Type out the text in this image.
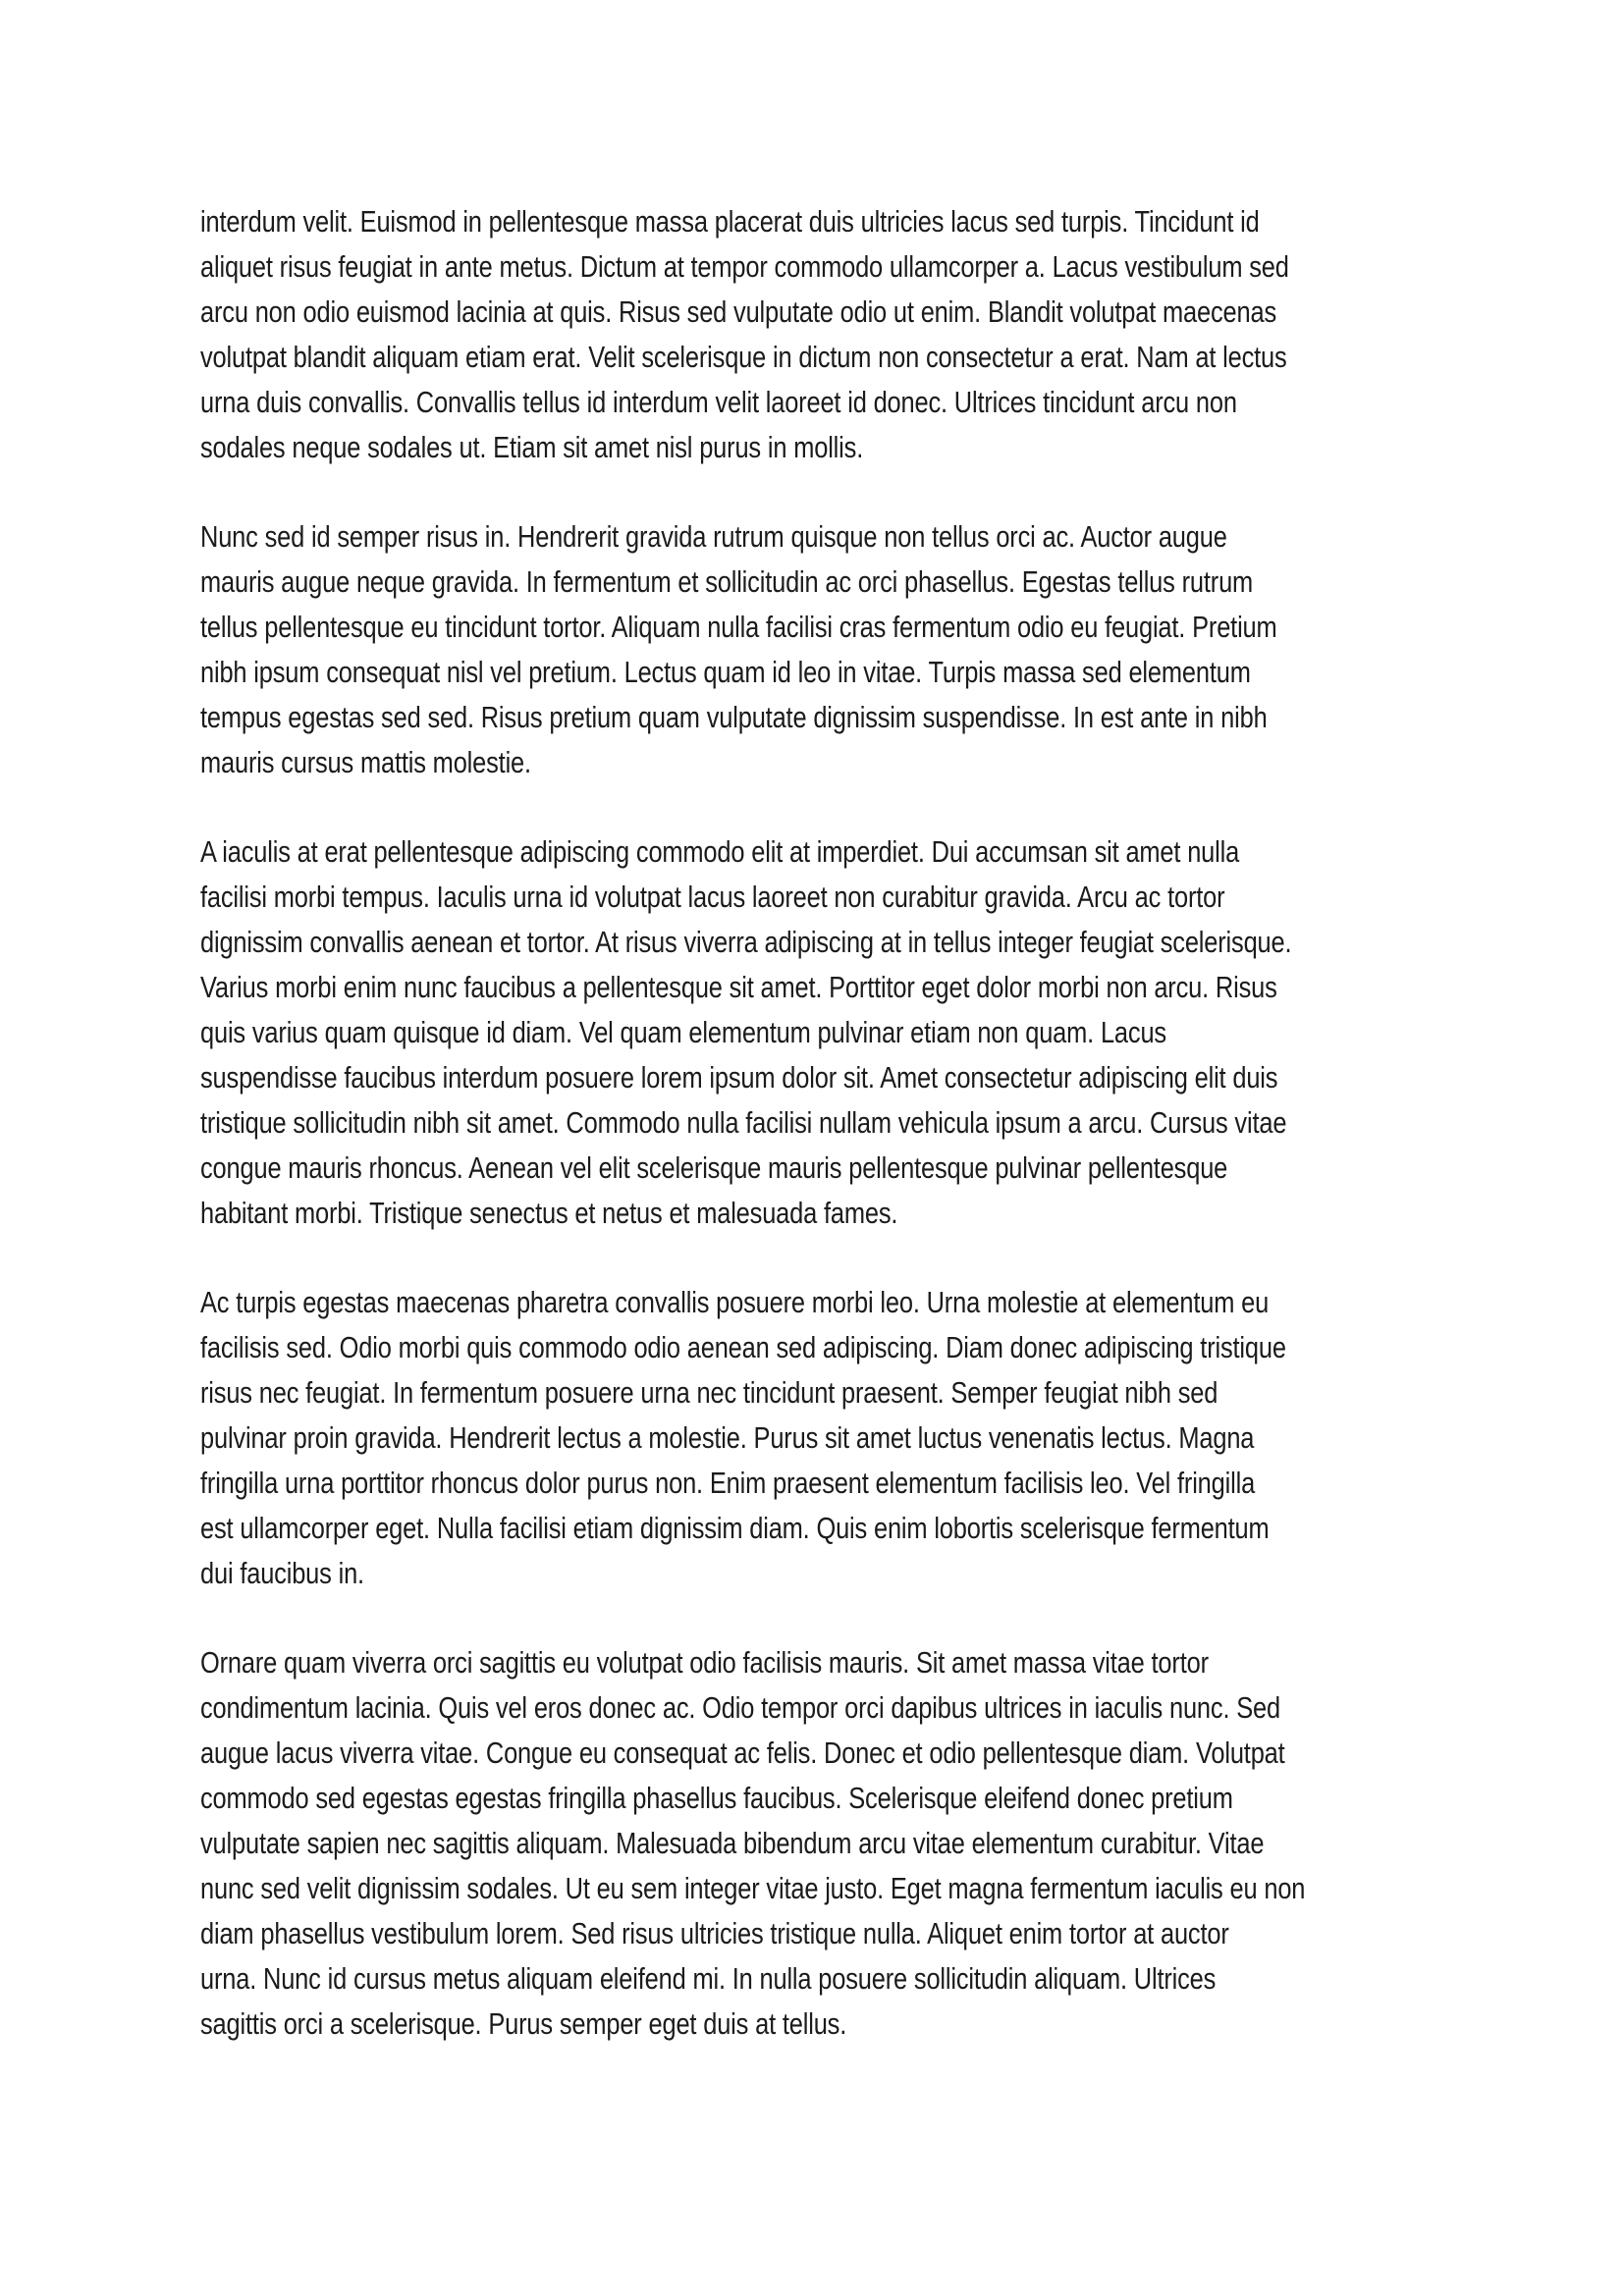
interdum velit. Euismod in pellentesque massa placerat duis ultricies lacus sed turpis. Tincidunt id
aliquet risus feugiat in ante metus. Dictum at tempor commodo ullamcorper a. Lacus vestibulum sed
arcu non odio euismod lacinia at quis. Risus sed vulputate odio ut enim. Blandit volutpat maecenas
volutpat blandit aliquam etiam erat. Velit scelerisque in dictum non consectetur a erat. Nam at lectus
urna duis convallis. Convallis tellus id interdum velit laoreet id donec. Ultrices tincidunt arcu non
sodales neque sodales ut. Etiam sit amet nisl purus in mollis.
Nunc sed id semper risus in. Hendrerit gravida rutrum quisque non tellus orci ac. Auctor augue
mauris augue neque gravida. In fermentum et sollicitudin ac orci phasellus. Egestas tellus rutrum
tellus pellentesque eu tincidunt tortor. Aliquam nulla facilisi cras fermentum odio eu feugiat. Pretium
nibh ipsum consequat nisl vel pretium. Lectus quam id leo in vitae. Turpis massa sed elementum
tempus egestas sed sed. Risus pretium quam vulputate dignissim suspendisse. In est ante in nibh
mauris cursus mattis molestie.
A iaculis at erat pellentesque adipiscing commodo elit at imperdiet. Dui accumsan sit amet nulla
facilisi morbi tempus. Iaculis urna id volutpat lacus laoreet non curabitur gravida. Arcu ac tortor
dignissim convallis aenean et tortor. At risus viverra adipiscing at in tellus integer feugiat scelerisque.
Varius morbi enim nunc faucibus a pellentesque sit amet. Porttitor eget dolor morbi non arcu. Risus
quis varius quam quisque id diam. Vel quam elementum pulvinar etiam non quam. Lacus
suspendisse faucibus interdum posuere lorem ipsum dolor sit. Amet consectetur adipiscing elit duis
tristique sollicitudin nibh sit amet. Commodo nulla facilisi nullam vehicula ipsum a arcu. Cursus vitae
congue mauris rhoncus. Aenean vel elit scelerisque mauris pellentesque pulvinar pellentesque
habitant morbi. Tristique senectus et netus et malesuada fames.
Ac turpis egestas maecenas pharetra convallis posuere morbi leo. Urna molestie at elementum eu
facilisis sed. Odio morbi quis commodo odio aenean sed adipiscing. Diam donec adipiscing tristique
risus nec feugiat. In fermentum posuere urna nec tincidunt praesent. Semper feugiat nibh sed
pulvinar proin gravida. Hendrerit lectus a molestie. Purus sit amet luctus venenatis lectus. Magna
fringilla urna porttitor rhoncus dolor purus non. Enim praesent elementum facilisis leo. Vel fringilla
est ullamcorper eget. Nulla facilisi etiam dignissim diam. Quis enim lobortis scelerisque fermentum
dui faucibus in.
Ornare quam viverra orci sagittis eu volutpat odio facilisis mauris. Sit amet massa vitae tortor
condimentum lacinia. Quis vel eros donec ac. Odio tempor orci dapibus ultrices in iaculis nunc. Sed
augue lacus viverra vitae. Congue eu consequat ac felis. Donec et odio pellentesque diam. Volutpat
commodo sed egestas egestas fringilla phasellus faucibus. Scelerisque eleifend donec pretium
vulputate sapien nec sagittis aliquam. Malesuada bibendum arcu vitae elementum curabitur. Vitae
nunc sed velit dignissim sodales. Ut eu sem integer vitae justo. Eget magna fermentum iaculis eu non
diam phasellus vestibulum lorem. Sed risus ultricies tristique nulla. Aliquet enim tortor at auctor
urna. Nunc id cursus metus aliquam eleifend mi. In nulla posuere sollicitudin aliquam. Ultrices
sagittis orci a scelerisque. Purus semper eget duis at tellus.
